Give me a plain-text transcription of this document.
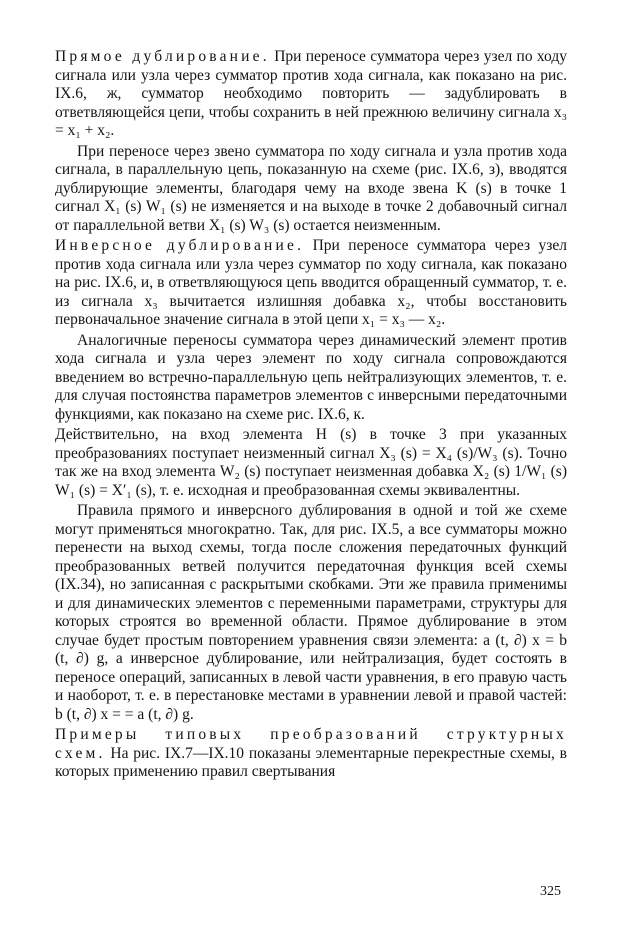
Прямое дублирование. При переносе сумматора через узел по ходу сигнала или узла через сумматор против хода сигнала, как показано на рис. IX.6, ж, сумматор необходимо повторить — задублировать в ответвляющейся цепи, чтобы сохранить в ней прежнюю величину сигнала x₃ = x₁ + x₂.

При переносе через звено сумматора по ходу сигнала и узла против хода сигнала, в параллельную цепь, показанную на схеме (рис. IX.6, з), вводятся дублирующие элементы, благодаря чему на входе звена K (s) в точке 1 сигнал X₁ (s) W₁ (s) не изменяется и на выходе в точке 2 добавочный сигнал от параллельной ветви X₁ (s) W₃ (s) остается неизменным.

Инверсное дублирование. При переносе сумматора через узел против хода сигнала или узла через сумматор по ходу сигнала, как показано на рис. IX.6, и, в ответвляющуюся цепь вводится обращенный сумматор, т. е. из сигнала x₃ вычитается излишняя добавка x₂, чтобы восстановить первоначальное значение сигнала в этой цепи x₁ = x₃ — x₂.

Аналогичные переносы сумматора через динамический элемент против хода сигнала и узла через элемент по ходу сигнала сопровождаются введением во встречно-параллельную цепь нейтрализующих элементов, т. е. для случая постоянства параметров элементов с инверсными передаточными функциями, как показано на схеме рис. IX.6, к.

Действительно, на вход элемента H (s) в точке 3 при указанных преобразованиях поступает неизменный сигнал X₃ (s) = X₄ (s)/W₃ (s). Точно так же на вход элемента W₂ (s) поступает неизменная добавка X₂ (s) 1/W₁ (s) W₁ (s) = X′₁ (s), т. е. исходная и преобразованная схемы эквивалентны.

Правила прямого и инверсного дублирования в одной и той же схеме могут применяться многократно. Так, для рис. IX.5, а все сумматоры можно перенести на выход схемы, тогда после сложения передаточных функций преобразованных ветвей получится передаточная функция всей схемы (IX.34), но записанная с раскрытыми скобками. Эти же правила применимы и для динамических элементов с переменными параметрами, структуры для которых строятся во временной области. Прямое дублирование в этом случае будет простым повторением уравнения связи элемента: a (t, ∂) x = b (t, ∂) g, а инверсное дублирование, или нейтрализация, будет состоять в переносе операций, записанных в левой части уравнения, в его правую часть и наоборот, т. е. в перестановке местами в уравнении левой и правой частей: b (t, ∂) x = = a (t, ∂) g.

Примеры типовых преобразований структурных схем. На рис. IX.7—IX.10 показаны элементарные перекрестные схемы, в которых применению правил свертывания

325
